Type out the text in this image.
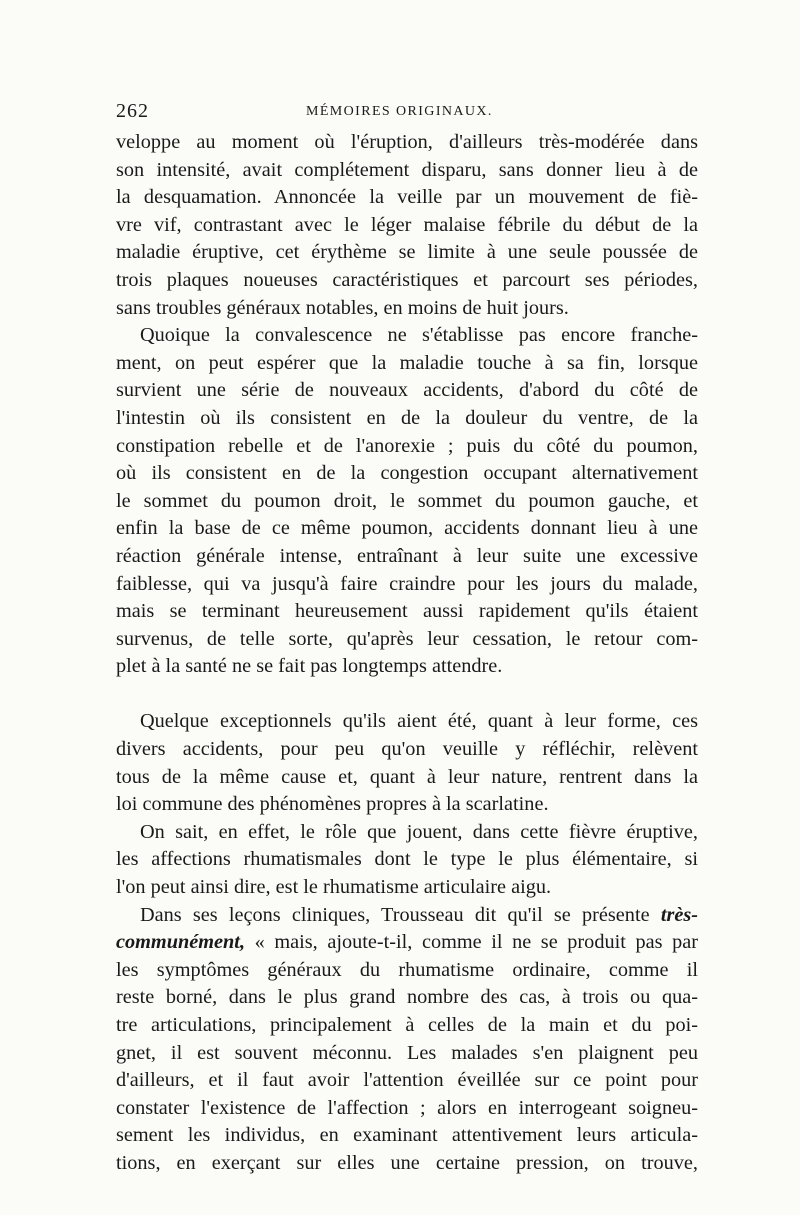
262	MÉMOIRES ORIGINAUX.
veloppe au moment où l'éruption, d'ailleurs très-modérée dans
son intensité, avait complétement disparu, sans donner lieu à de
la desquamation. Annoncée la veille par un mouvement de fiè-
vre vif, contrastant avec le léger malaise fébrile du début de la
maladie éruptive, cet érythème se limite à une seule poussée de
trois plaques noueuses caractéristiques et parcourt ses périodes,
sans troubles généraux notables, en moins de huit jours.
Quoique la convalescence ne s'établisse pas encore franche-
ment, on peut espérer que la maladie touche à sa fin, lorsque
survient une série de nouveaux accidents, d'abord du côté de
l'intestin où ils consistent en de la douleur du ventre, de la
constipation rebelle et de l'anorexie ; puis du côté du poumon,
où ils consistent en de la congestion occupant alternativement
le sommet du poumon droit, le sommet du poumon gauche, et
enfin la base de ce même poumon, accidents donnant lieu à une
réaction générale intense, entraînant à leur suite une excessive
faiblesse, qui va jusqu'à faire craindre pour les jours du malade,
mais se terminant heureusement aussi rapidement qu'ils étaient
survenus, de telle sorte, qu'après leur cessation, le retour com-
plet à la santé ne se fait pas longtemps attendre.
Quelque exceptionnels qu'ils aient été, quant à leur forme, ces
divers accidents, pour peu qu'on veuille y réfléchir, relèvent
tous de la même cause et, quant à leur nature, rentrent dans la
loi commune des phénomènes propres à la scarlatine.
On sait, en effet, le rôle que jouent, dans cette fièvre éruptive,
les affections rhumatismales dont le type le plus élémentaire, si
l'on peut ainsi dire, est le rhumatisme articulaire aigu.
Dans ses leçons cliniques, Trousseau dit qu'il se présente très-
communément, « mais, ajoute-t-il, comme il ne se produit pas par
les symptômes généraux du rhumatisme ordinaire, comme il
reste borné, dans le plus grand nombre des cas, à trois ou qua-
tre articulations, principalement à celles de la main et du poi-
gnet, il est souvent méconnu. Les malades s'en plaignent peu
d'ailleurs, et il faut avoir l'attention éveillée sur ce point pour
constater l'existence de l'affection ; alors en interrogeant soigneu-
sement les individus, en examinant attentivement leurs articula-
tions, en exerçant sur elles une certaine pression, on trouve,
